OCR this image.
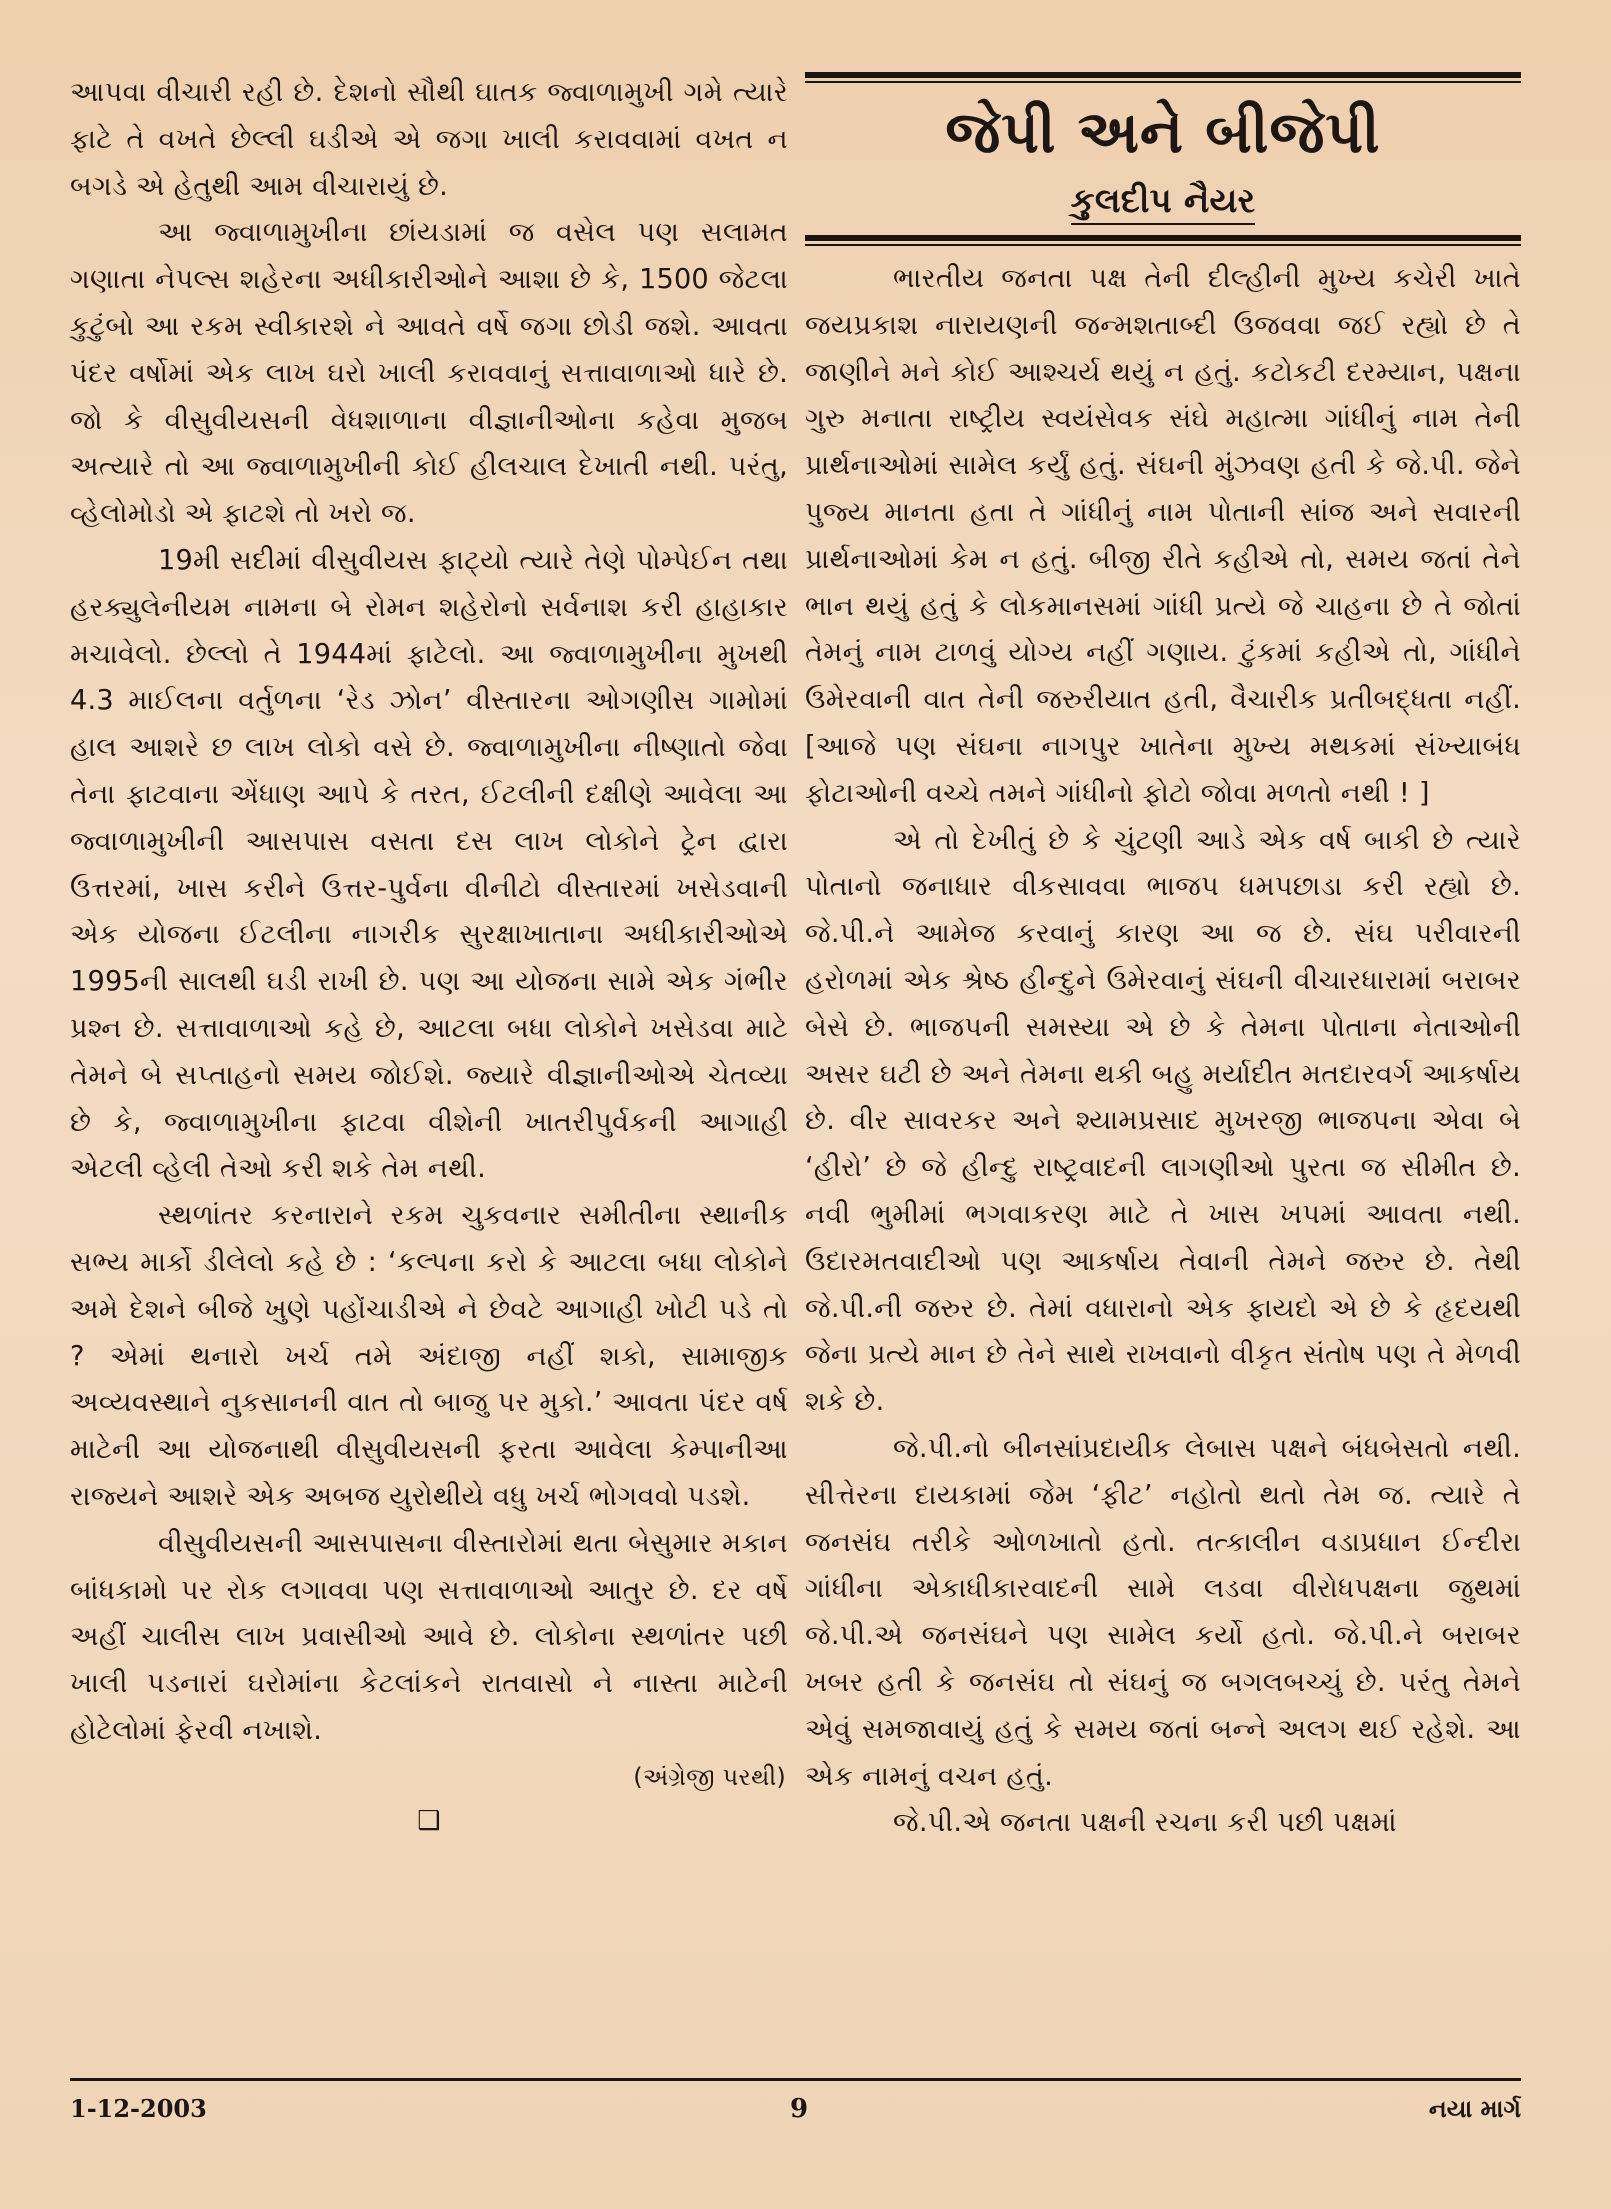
આપવા વીચારી રહી છે. દેશનો સૌથી ઘાતક જ્વાળામુખી ગમે ત્યારે ફાટે તે વખતે છેલ્લી ઘડીએ એ જગા ખાલી કરાવવામાં વખત ન બગડે એ હેતુથી આમ વીચારાયું છે.

આ જ્વાળામુખીના છાંયડામાં જ વસેલ પણ સલામત ગણાતા નેપલ્સ શહેરના અધીકારીઓને આશા છે કે, 1500 જેટલા કુટુંબો આ રકમ સ્વીકારશે ને આવતે વર્ષે જગા છોડી જશે. આવતા પંદર વર્ષોમાં એક લાખ ઘરો ખાલી કરાવવાનું સત્તાવાળાઓ ધારે છે. જો કે વીસુવીયસની વેધશાળાના વીજ્ઞાનીઓના કહેવા મુજબ અત્યારે તો આ જ્વાળામુખીની કોઈ હીલચાલ દેખાતી નથી. પરંતુ, વ્હેલોમોડો એ ફાટશે તો ખરો જ.

19મી સદીમાં વીસુવીયસ ફાટ્યો ત્યારે તેણે પોમ્પેઈન તથા હરક્યુલેનીયમ નામના બે રોમન શહેરોનો સર્વનાશ કરી હાહાકાર મચાવેલો. છેલ્લો તે 1944માં ફાટેલો. આ જ્વાળામુખીના મુખથી 4.3 માઈલના વર્તુળના ‘રેડ ઝોન’ વીસ્તારના ઓગણીસ ગામોમાં હાલ આશરે છ લાખ લોકો વસે છે. જ્વાળામુખીના નીષ્ણાતો જેવા તેના ફાટવાના એંધાણ આપે કે તરત, ઈટલીની દક્ષીણે આવેલા આ જ્વાળામુખીની આસપાસ વસતા દસ લાખ લોકોને ટ્રેન દ્વારા ઉત્તરમાં, ખાસ કરીને ઉત્તર-પુર્વના વીનીટો વીસ્તારમાં ખસેડવાની એક યોજના ઈટલીના નાગરીક સુરક્ષાખાતાના અધીકારીઓએ 1995ની સાલથી ઘડી રાખી છે. પણ આ યોજના સામે એક ગંભીર પ્રશ્ન છે. સત્તાવાળાઓ કહે છે, આટલા બધા લોકોને ખસેડવા માટે તેમને બે સપ્તાહનો સમય જોઈશે. જ્યારે વીજ્ઞાનીઓએ ચેતવ્યા છે કે, જ્વાળામુખીના ફાટવા વીશેની ખાતરીપુર્વકની આગાહી એટલી વ્હેલી તેઓ કરી શકે તેમ નથી.

સ્થળાંતર કરનારાને રકમ ચુકવનાર સમીતીના સ્થાનીક સભ્ય માર્કો ડીલેલો કહે છે : ‘કલ્પના કરો કે આટલા બધા લોકોને અમે દેશને બીજે ખુણે પહોંચાડીએ ને છેવટે આગાહી ખોટી પડે તો ? એમાં થનારો ખર્ચ તમે અંદાજી નહીં શકો, સામાજીક અવ્યવસ્થાને નુકસાનની વાત તો બાજુ પર મુકો.’ આવતા પંદર વર્ષ માટેની આ યોજનાથી વીસુવીયસની ફરતા આવેલા કેમ્પાનીઆ રાજ્યને આશરે એક અબજ યુરોથીયે વધુ ખર્ચ ભોગવવો પડશે.

વીસુવીયસની આસપાસના વીસ્તારોમાં થતા બેસુમાર મકાન બાંધકામો પર રોક લગાવવા પણ સત્તાવાળાઓ આતુર છે. દર વર્ષે અહીં ચાલીસ લાખ પ્રવાસીઓ આવે છે. લોકોના સ્થળાંતર પછી ખાલી પડનારાં ઘરોમાંના કેટલાંકને રાતવાસો ને નાસ્તા માટેની હોટેલોમાં ફેરવી નખાશે.

(અંગ્રેજી પરથી)
❑
જેપી અને બીજેપી
કુલદીપ નૈયર

ભારતીય જનતા પક્ષ તેની દીલ્હીની મુખ્ય કચેરી ખાતે જયપ્રકાશ નારાયણની જન્મશતાબ્દી ઉજવવા જઈ રહ્યો છે તે જાણીને મને કોઈ આશ્ચર્ય થયું ન હતું. કટોકટી દરમ્યાન, પક્ષના ગુરુ મનાતા રાષ્ટ્રીય સ્વયંસેવક સંઘે મહાત્મા ગાંધીનું નામ તેની પ્રાર્થનાઓમાં સામેલ કર્યું હતું. સંઘની મુંઝવણ હતી કે જે.પી. જેને પુજ્ય માનતા હતા તે ગાંધીનું નામ પોતાની સાંજ અને સવારની પ્રાર્થનાઓમાં કેમ ન હતું. બીજી રીતે કહીએ તો, સમય જતાં તેને ભાન થયું હતું કે લોકમાનસમાં ગાંધી પ્રત્યે જે ચાહના છે તે જોતાં તેમનું નામ ટાળવું યોગ્ય નહીં ગણાય. ટુંકમાં કહીએ તો, ગાંધીને ઉમેરવાની વાત તેની જરુરીયાત હતી, વૈચારીક પ્રતીબદ્ધતા નહીં. [આજે પણ સંઘના નાગપુર ખાતેના મુખ્ય મથકમાં સંખ્યાબંધ ફોટાઓની વચ્ચે તમને ગાંધીનો ફોટો જોવા મળતો નથી ! ]

એ તો દેખીતું છે કે ચુંટણી આડે એક વર્ષ બાકી છે ત્યારે પોતાનો જનાધાર વીકસાવવા ભાજપ ધમપછાડા કરી રહ્યો છે. જે.પી.ને આમેજ કરવાનું કારણ આ જ છે. સંઘ પરીવારની હરોળમાં એક શ્રેષ્ઠ હીન્દુને ઉમેરવાનું સંઘની વીચારધારામાં બરાબર બેસે છે. ભાજપની સમસ્યા એ છે કે તેમના પોતાના નેતાઓની અસર ઘટી છે અને તેમના થકી બહુ મર્યાદીત મતદારવર્ગ આકર્ષાય છે. વીર સાવરકર અને શ્યામપ્રસાદ મુખરજી ભાજપના એવા બે ‘હીરો’ છે જે હીન્દુ રાષ્ટ્રવાદની લાગણીઓ પુરતા જ સીમીત છે. નવી ભુમીમાં ભગવાકરણ માટે તે ખાસ ખપમાં આવતા નથી. ઉદારમતવાદીઓ પણ આકર્ષાય તેવાની તેમને જરુર છે. તેથી જે.પી.ની જરુર છે. તેમાં વધારાનો એક ફાયદો એ છે કે હૃદયથી જેના પ્રત્યે માન છે તેને સાથે રાખવાનો વીકૃત સંતોષ પણ તે મેળવી શકે છે.

જે.પી.નો બીનસાંપ્રદાયીક લેબાસ પક્ષને બંધબેસતો નથી. સીત્તેરના દાયકામાં જેમ ‘ફીટ’ નહોતો થતો તેમ જ. ત્યારે તે જનસંઘ તરીકે ઓળખાતો હતો. તત્કાલીન વડાપ્રધાન ઈન્દીરા ગાંધીના એકાધીકારવાદની સામે લડવા વીરોધપક્ષના જુથમાં જે.પી.એ જનસંઘને પણ સામેલ કર્યો હતો. જે.પી.ને બરાબર ખબર હતી કે જનસંઘ તો સંઘનું જ બગલબચ્ચું છે. પરંતુ તેમને એવું સમજાવાયું હતું કે સમય જતાં બન્ને અલગ થઈ રહેશે. આ એક નામનું વચન હતું.

જે.પી.એ જનતા પક્ષની રચના કરી પછી પક્ષમાં

1-12-2003	9	નયા માર્ગ
